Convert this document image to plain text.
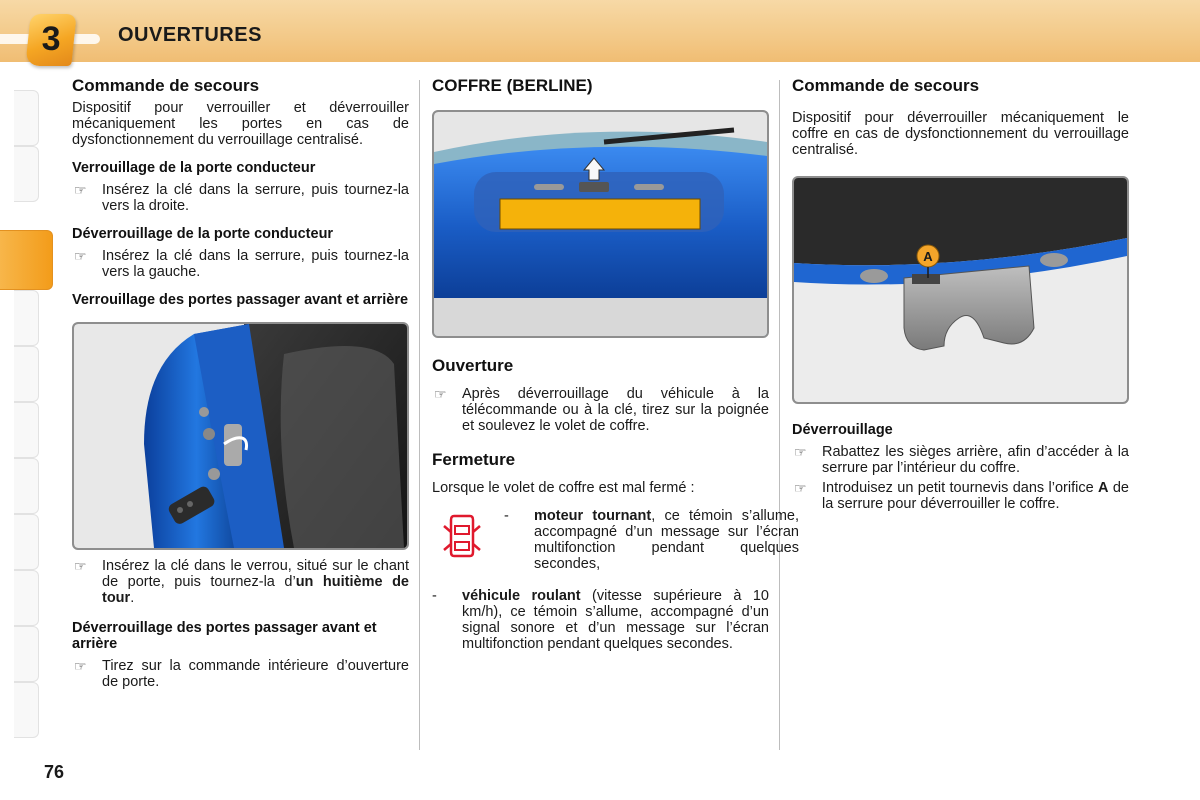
3	OUVERTURES
Commande de secours

Dispositif pour verrouiller et déverrouiller mécaniquement les portes en cas de dysfonctionnement du verrouillage centralisé.

Verrouillage de la porte conducteur
☞ Insérez la clé dans la serrure, puis tournez-la vers la droite.
Déverrouillage de la porte conducteur
☞ Insérez la clé dans la serrure, puis tournez-la vers la gauche.
Verrouillage des portes passager avant et arrière
☞ Insérez la clé dans le verrou, situé sur le chant de porte, puis tournez-la d’un huitième de tour.
Déverrouillage des portes passager avant et arrière
☞ Tirez sur la commande intérieure d’ouverture de porte.
COFFRE (BERLINE)
Ouverture
☞ Après déverrouillage du véhicule à la télécommande ou à la clé, tirez sur la poignée et soulevez le volet de coffre.
Fermeture

Lorsque le volet de coffre est mal fermé :

- moteur tournant, ce témoin s’allume, accompagné d’un message sur l’écran multifonction pendant quelques secondes,
- véhicule roulant (vitesse supérieure à 10 km/h), ce témoin s’allume, accompagné d’un signal sonore et d’un message sur l’écran multifonction pendant quelques secondes.
Commande de secours

Dispositif pour déverrouiller mécaniquement le coffre en cas de dysfonctionnement du verrouillage centralisé.

A
Déverrouillage
☞ Rabattez les sièges arrière, afin d’accéder à la serrure par l’intérieur du coffre.
☞ Introduisez un petit tournevis dans l’orifice A de la serrure pour déverrouiller le coffre.
76
